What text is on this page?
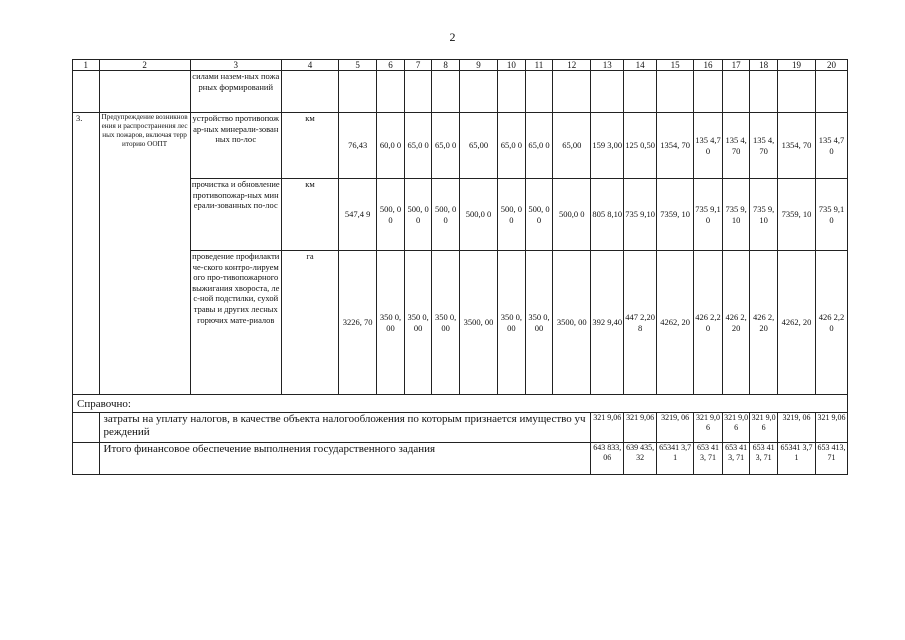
2
1	2	3	4	5	6	7	8	9	10	11	12	13	14	15	16	17	18	19	20
		силами назем-ных пожарных формирований																	
3.	Предупреждение возникновения и распространения лесных пожаров, включая территорию ООПТ	устройство противопожар-ных минерали-зованных по-лос	км	76,43	60,0 0	65,0 0	65,0 0	65,00	65,0 0	65,0 0	65,00	159 3,00	125 0,50	1354, 70	135 4,70	135 4,70	135 4,70	1354, 70	135 4,70
		прочистка и обновление противопожар-ных минерали-зованных по-лос	км	547,4 9	500, 00	500, 00	500, 00	500,0 0	500, 00	500, 00	500,0 0	805 8,10	735 9,10	7359, 10	735 9,10	735 9,10	735 9,10	7359, 10	735 9,10
		проведение профилактиче-ского контро-лируемого про-тивопожарного выжигания хвороста, лес-ной подстилки, сухой травы и других лесных горючих мате-риалов	га	3226, 70	350 0,00	350 0,00	350 0,00	3500, 00	350 0,00	350 0,00	3500, 00	392 9,40	447 2,20 8	4262, 20	426 2,20	426 2,20	426 2,20	4262, 20	426 2,20
Справочно:																			
	затраты на уплату налогов, в качестве объекта налогообложения по которым признается имущество учреждений											321 9,06	321 9,06	3219, 06	321 9,06	321 9,06	321 9,06	3219, 06	321 9,06
	Итого финансовое обеспечение выполнения государственного задания											643 833, 06	639 435, 32	65341 3,71	653 413, 71	653 413, 71	653 413, 71	65341 3,71	653 413, 71
